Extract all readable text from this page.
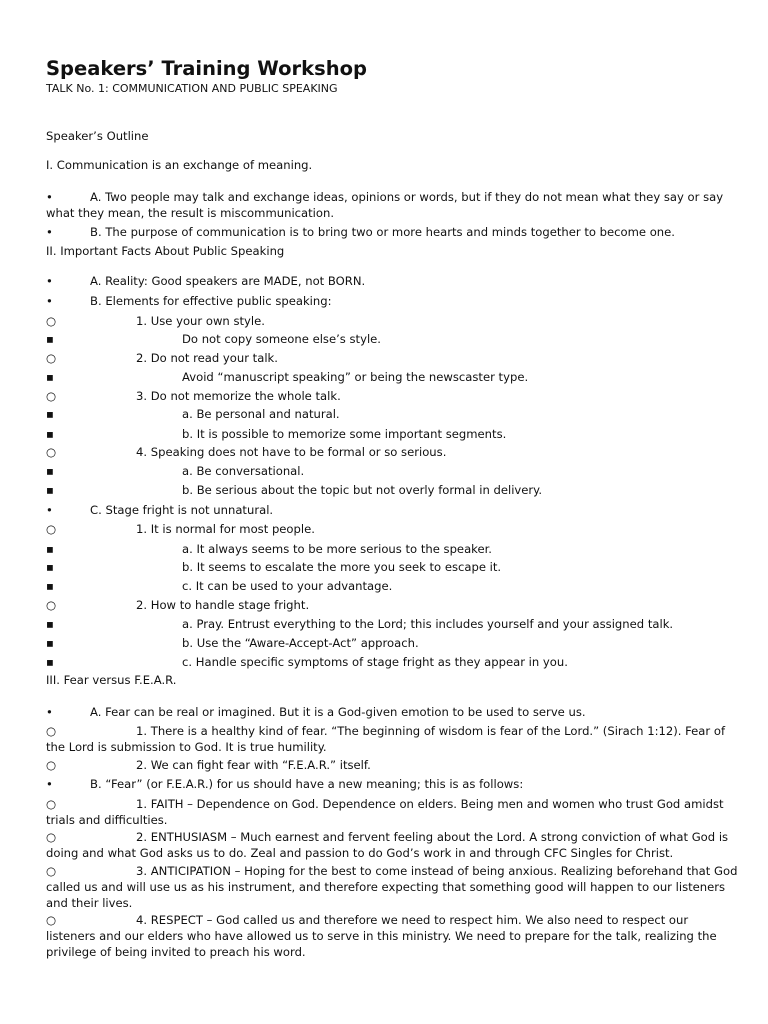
Speakers’ Training Workshop
TALK No. 1: COMMUNICATION AND PUBLIC SPEAKING
Speaker’s Outline
I. Communication is an exchange of meaning.
•	A. Two people may talk and exchange ideas, opinions or words, but if they do not mean what they say or say
what they mean, the result is miscommunication.
•	B. The purpose of communication is to bring two or more hearts and minds together to become one.
II. Important Facts About Public Speaking
•	A. Reality: Good speakers are MADE, not BORN.
•	B. Elements for effective public speaking:
○	1. Use your own style.
▪	Do not copy someone else’s style.
○	2. Do not read your talk.
▪	Avoid “manuscript speaking” or being the newscaster type.
○	3. Do not memorize the whole talk.
▪	a. Be personal and natural.
▪	b. It is possible to memorize some important segments.
○	4. Speaking does not have to be formal or so serious.
▪	a. Be conversational.
▪	b. Be serious about the topic but not overly formal in delivery.
•	C. Stage fright is not unnatural.
○	1. It is normal for most people.
▪	a. It always seems to be more serious to the speaker.
▪	b. It seems to escalate the more you seek to escape it.
▪	c. It can be used to your advantage.
○	2. How to handle stage fright.
▪	a. Pray. Entrust everything to the Lord; this includes yourself and your assigned talk.
▪	b. Use the “Aware-Accept-Act” approach.
▪	c. Handle specific symptoms of stage fright as they appear in you.
III. Fear versus F.E.A.R.
•	A. Fear can be real or imagined. But it is a God-given emotion to be used to serve us.
○	1. There is a healthy kind of fear. “The beginning of wisdom is fear of the Lord.” (Sirach 1:12). Fear of
the Lord is submission to God. It is true humility.
○	2. We can fight fear with “F.E.A.R.” itself.
•	B. “Fear” (or F.E.A.R.) for us should have a new meaning; this is as follows:
○	1. FAITH – Dependence on God. Dependence on elders. Being men and women who trust God amidst
trials and difficulties.
○	2. ENTHUSIASM – Much earnest and fervent feeling about the Lord. A strong conviction of what God is
doing and what God asks us to do. Zeal and passion to do God’s work in and through CFC Singles for Christ.
○	3. ANTICIPATION – Hoping for the best to come instead of being anxious. Realizing beforehand that God
called us and will use us as his instrument, and therefore expecting that something good will happen to our listeners
and their lives.
○	4. RESPECT – God called us and therefore we need to respect him. We also need to respect our
listeners and our elders who have allowed us to serve in this ministry. We need to prepare for the talk, realizing the
privilege of being invited to preach his word.
